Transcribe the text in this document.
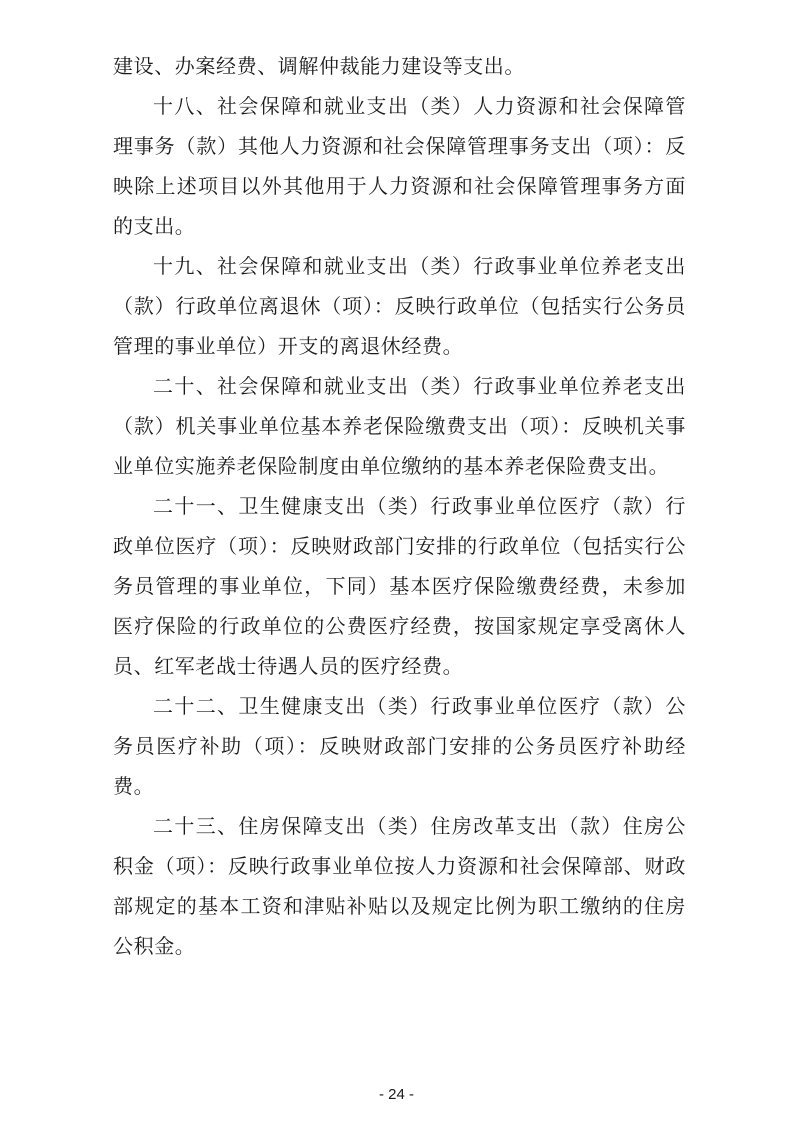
建设、办案经费、调解仲裁能力建设等支出。

十八、社会保障和就业支出（类）人力资源和社会保障管理事务（款）其他人力资源和社会保障管理事务支出（项）：反映除上述项目以外其他用于人力资源和社会保障管理事务方面的支出。

十九、社会保障和就业支出（类）行政事业单位养老支出（款）行政单位离退休（项）：反映行政单位（包括实行公务员管理的事业单位）开支的离退休经费。

二十、社会保障和就业支出（类）行政事业单位养老支出（款）机关事业单位基本养老保险缴费支出（项）：反映机关事业单位实施养老保险制度由单位缴纳的基本养老保险费支出。

二十一、卫生健康支出（类）行政事业单位医疗（款）行政单位医疗（项）：反映财政部门安排的行政单位（包括实行公务员管理的事业单位，下同）基本医疗保险缴费经费，未参加医疗保险的行政单位的公费医疗经费，按国家规定享受离休人员、红军老战士待遇人员的医疗经费。

二十二、卫生健康支出（类）行政事业单位医疗（款）公务员医疗补助（项）：反映财政部门安排的公务员医疗补助经费。

二十三、住房保障支出（类）住房改革支出（款）住房公积金（项）：反映行政事业单位按人力资源和社会保障部、财政部规定的基本工资和津贴补贴以及规定比例为职工缴纳的住房公积金。

- 24 -
